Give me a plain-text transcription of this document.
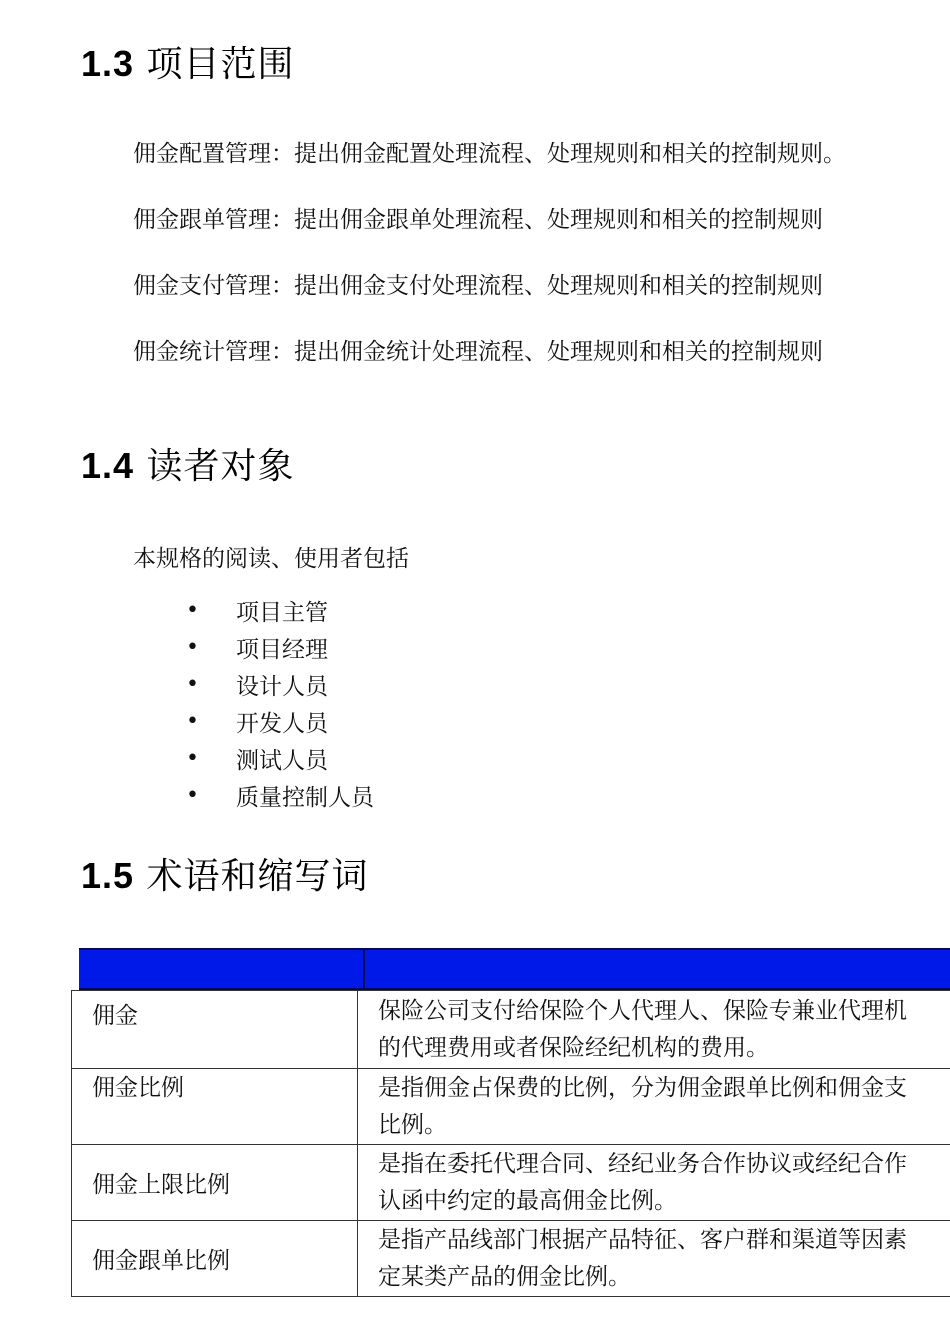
1.3 项目范围

佣金配置管理：提出佣金配置处理流程、处理规则和相关的控制规则。

佣金跟单管理：提出佣金跟单处理流程、处理规则和相关的控制规则

佣金支付管理：提出佣金支付处理流程、处理规则和相关的控制规则

佣金统计管理：提出佣金统计处理流程、处理规则和相关的控制规则

1.4 读者对象

本规格的阅读、使用者包括

•	项目主管
•	项目经理
•	设计人员
•	开发人员
•	测试人员
•	质量控制人员
1.5 术语和缩写词
佣金	保险公司支付给保险个人代理人、保险专兼业代理机
的代理费用或者保险经纪机构的费用。

佣金比例	是指佣金占保费的比例，分为佣金跟单比例和佣金支
比例。

佣金上限比例	是指在委托代理合同、经纪业务合作协议或经纪合作
认函中约定的最高佣金比例。

佣金跟单比例	是指产品线部门根据产品特征、客户群和渠道等因素
定某类产品的佣金比例。
